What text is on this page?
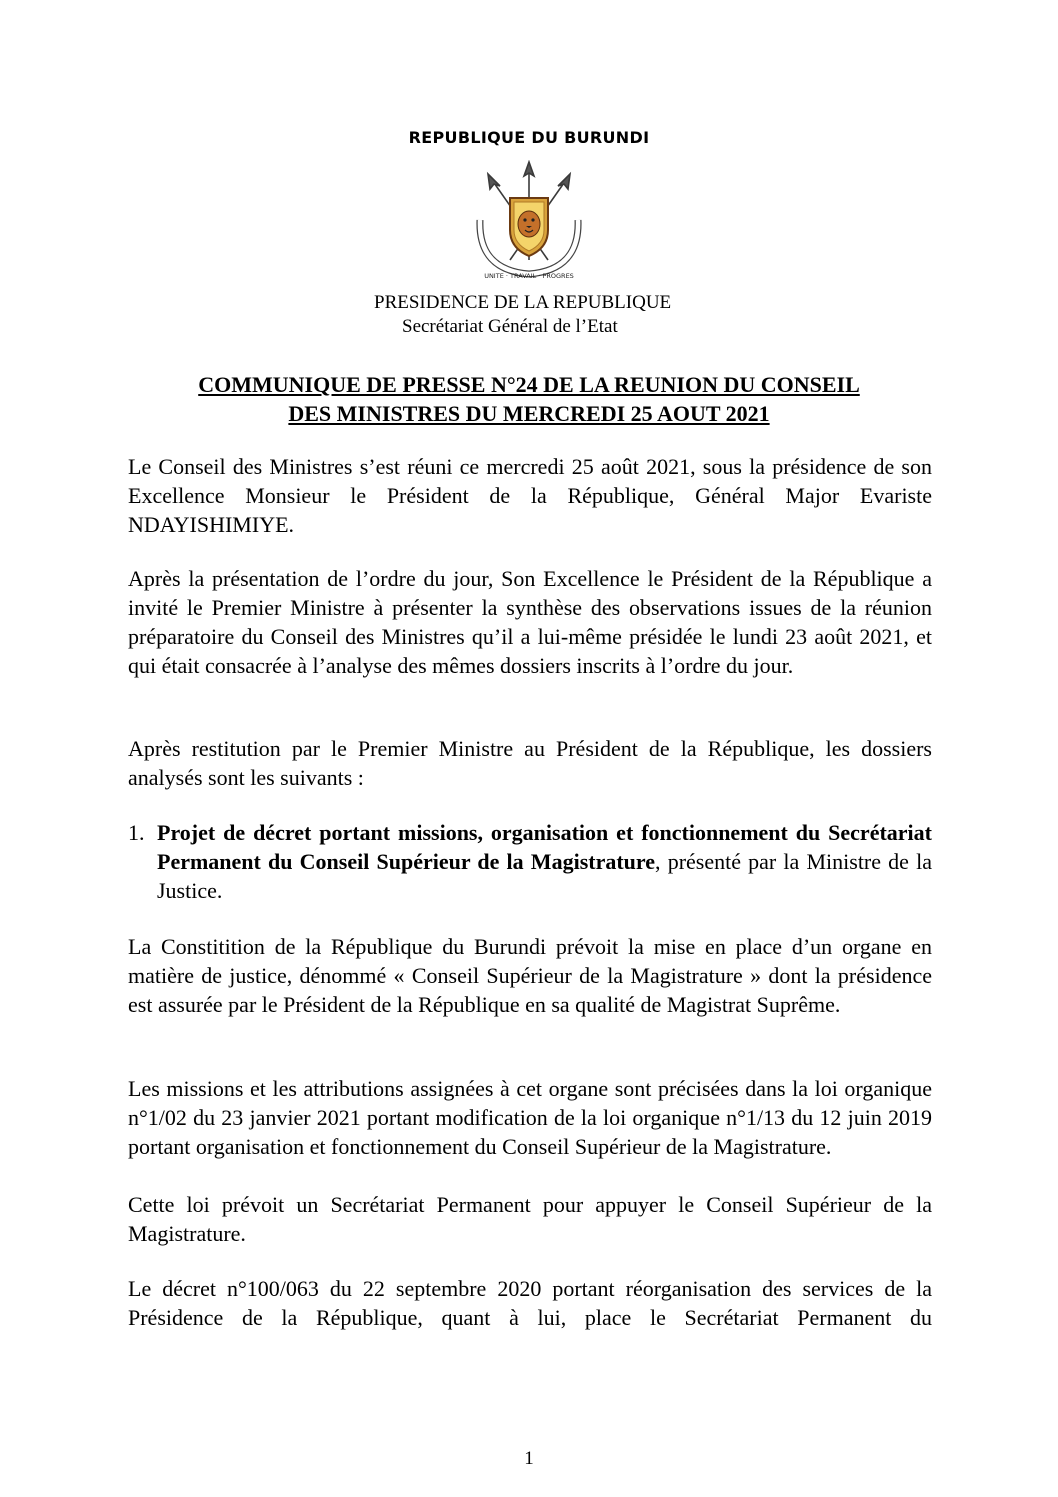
REPUBLIQUE DU BURUNDI
UNITE · TRAVAIL · PROGRES
PRESIDENCE DE LA REPUBLIQUE
Secrétariat Général de l’Etat
COMMUNIQUE DE PRESSE N°24 DE LA REUNION DU CONSEIL
DES MINISTRES DU MERCREDI 25 AOUT 2021

Le Conseil des Ministres s’est réuni ce mercredi 25 août 2021, sous la présidence de son Excellence Monsieur le Président de la République, Général Major Evariste NDAYISHIMIYE.

Après la présentation de l’ordre du jour, Son Excellence le Président de la République a invité le Premier Ministre à présenter la synthèse des observations issues de la réunion préparatoire du Conseil des Ministres qu’il a lui-même présidée le lundi 23 août 2021, et qui était consacrée à l’analyse des mêmes dossiers inscrits à l’ordre du jour.

Après restitution par le Premier Ministre au Président de la République, les dossiers analysés sont les suivants :

1. Projet de décret portant missions, organisation et fonctionnement du Secrétariat Permanent du Conseil Supérieur de la Magistrature, présenté par la Ministre de la Justice.

La Constitition de la République du Burundi prévoit la mise en place d’un organe en matière de justice, dénommé « Conseil Supérieur de la Magistrature » dont la présidence est assurée par le Président de la République en sa qualité de Magistrat Suprême.

Les missions et les attributions assignées à cet organe sont précisées dans la loi organique n°1/02 du 23 janvier 2021 portant modification de la loi organique n°1/13 du 12 juin 2019 portant organisation et fonctionnement du Conseil Supérieur de la Magistrature.

Cette loi prévoit un Secrétariat Permanent pour appuyer le Conseil Supérieur de la Magistrature.

Le décret n°100/063 du 22 septembre 2020 portant réorganisation des services de la Présidence de la République, quant à lui, place le Secrétariat Permanent du

1
